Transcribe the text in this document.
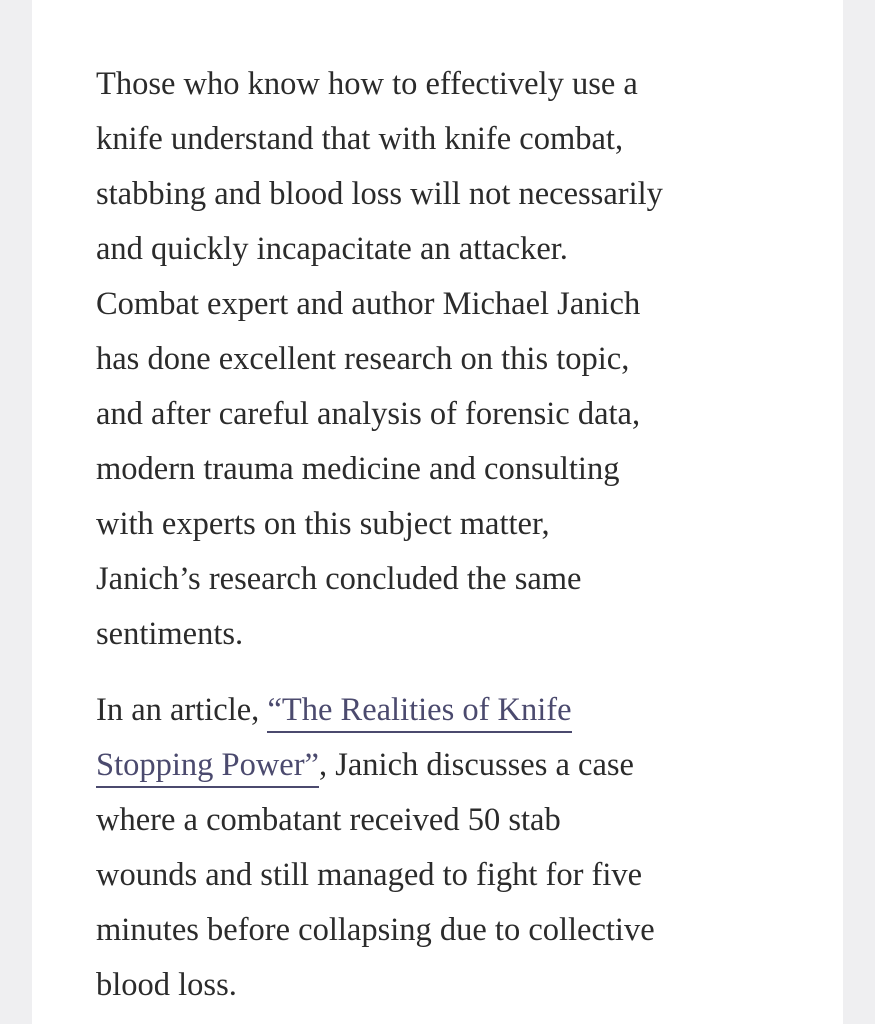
Those who know how to effectively use a
knife understand that with knife combat,
stabbing and blood loss will not necessarily
and quickly incapacitate an attacker.
Combat expert and author Michael Janich
has done excellent research on this topic,
and after careful analysis of forensic data,
modern trauma medicine and consulting
with experts on this subject matter,
Janich’s research concluded the same
sentiments.

In an article, “The Realities of Knife
Stopping Power”, Janich discusses a case
where a combatant received 50 stab
wounds and still managed to fight for five
minutes before collapsing due to collective
blood loss.
